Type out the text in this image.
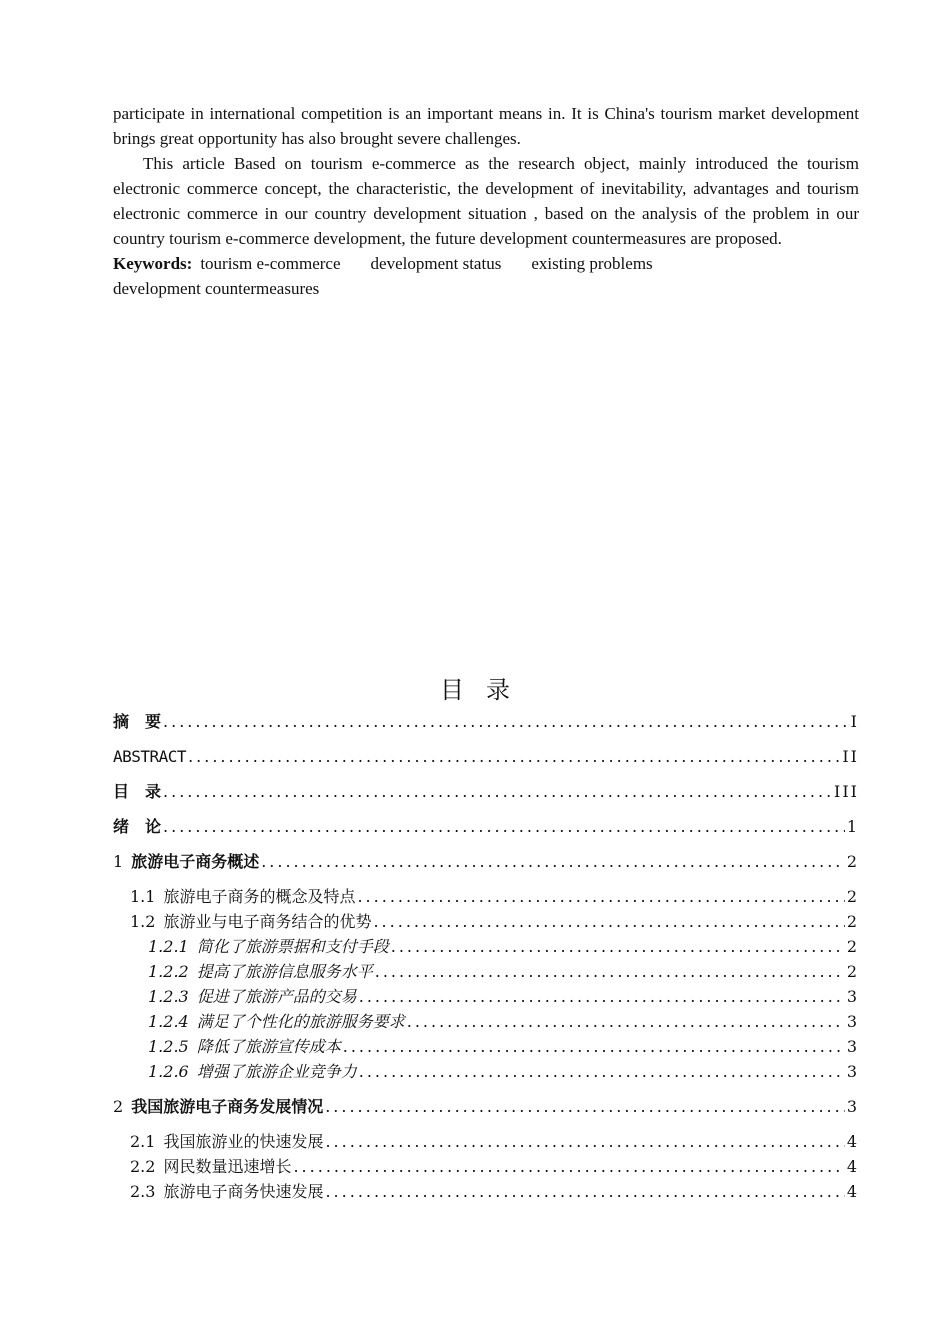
participate in international competition is an important means in. It is China's tourism market development brings great opportunity has also brought severe challenges.

This article Based on tourism e-commerce as the research object, mainly introduced the tourism electronic commerce concept, the characteristic, the development of inevitability, advantages and tourism electronic commerce in our country development situation , based on the analysis of the problem in our country tourism e-commerce development, the future development countermeasures are proposed.

Keywords: tourism e-commerce development status existing problems
development countermeasures

目录
摘　要 .....	I
ABSTRACT .....	II
目　录 .....	III
绪　论 .....	1
1 旅游电子商务概述 .....	2
1.1 旅游电子商务的概念及特点 .....	2
1.2 旅游业与电子商务结合的优势 .....	2
1.2.1 简化了旅游票据和支付手段 .....	2
1.2.2 提高了旅游信息服务水平 .....	2
1.2.3 促进了旅游产品的交易 .....	3
1.2.4 满足了个性化的旅游服务要求 .....	3
1.2.5 降低了旅游宣传成本 .....	3
1.2.6 增强了旅游企业竞争力 .....	3
2 我国旅游电子商务发展情况 .....	3
2.1 我国旅游业的快速发展 .....	4
2.2 网民数量迅速增长 .....	4
2.3 旅游电子商务快速发展 .....	4
